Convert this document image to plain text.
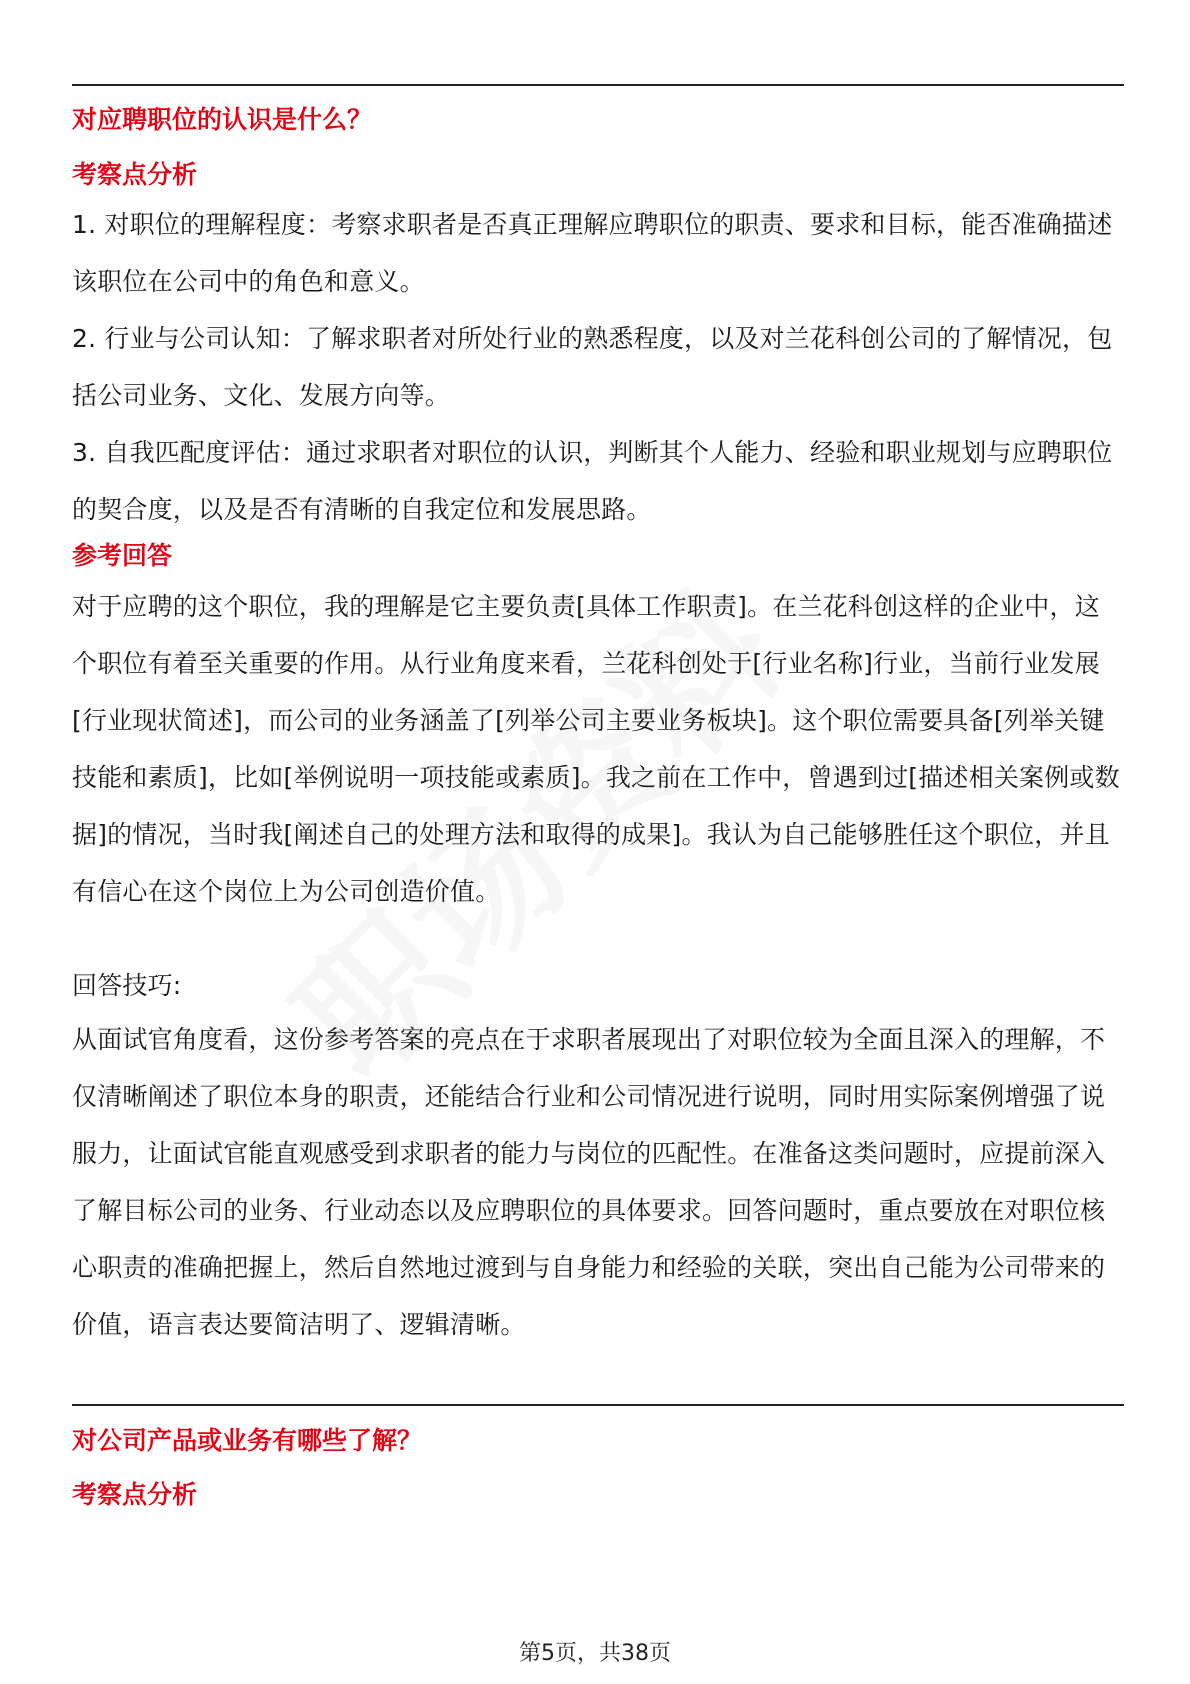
对应聘职位的认识是什么？
考察点分析

1. 对职位的理解程度：考察求职者是否真正理解应聘职位的职责、要求和目标，能否准确描述该职位在公司中的角色和意义。

2. 行业与公司认知：了解求职者对所处行业的熟悉程度，以及对兰花科创公司的了解情况，包括公司业务、文化、发展方向等。

3. 自我匹配度评估：通过求职者对职位的认识，判断其个人能力、经验和职业规划与应聘职位的契合度，以及是否有清晰的自我定位和发展思路。

参考回答

对于应聘的这个职位，我的理解是它主要负责[具体工作职责]。在兰花科创这样的企业中，这个职位有着至关重要的作用。从行业角度来看，兰花科创处于[行业名称]行业，当前行业发展[行业现状简述]，而公司的业务涵盖了[列举公司主要业务板块]。这个职位需要具备[列举关键技能和素质]，比如[举例说明一项技能或素质]。我之前在工作中，曾遇到过[描述相关案例或数据]的情况，当时我[阐述自己的处理方法和取得的成果]。我认为自己能够胜任这个职位，并且有信心在这个岗位上为公司创造价值。

回答技巧:

从面试官角度看，这份参考答案的亮点在于求职者展现出了对职位较为全面且深入的理解，不仅清晰阐述了职位本身的职责，还能结合行业和公司情况进行说明，同时用实际案例增强了说服力，让面试官能直观感受到求职者的能力与岗位的匹配性。在准备这类问题时，应提前深入了解目标公司的业务、行业动态以及应聘职位的具体要求。回答问题时，重点要放在对职位核心职责的准确把握上，然后自然地过渡到与自身能力和经验的关联，突出自己能为公司带来的价值，语言表达要简洁明了、逻辑清晰。

对公司产品或业务有哪些了解？
考察点分析
第5页，共38页
